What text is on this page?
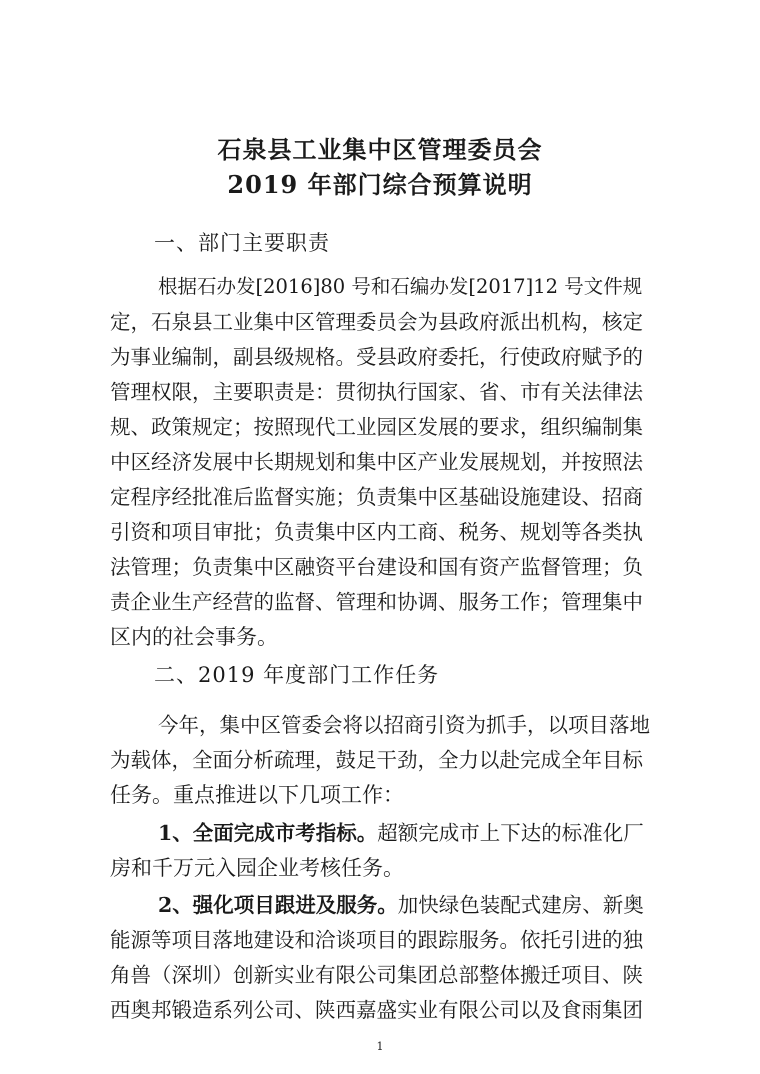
石泉县工业集中区管理委员会
2019 年部门综合预算说明
一、部门主要职责
根据石办发[2016]80 号和石编办发[2017]12 号文件规
定，石泉县工业集中区管理委员会为县政府派出机构，核定
为事业编制，副县级规格。受县政府委托，行使政府赋予的
管理权限，主要职责是：贯彻执行国家、省、市有关法律法
规、政策规定；按照现代工业园区发展的要求，组织编制集
中区经济发展中长期规划和集中区产业发展规划，并按照法
定程序经批准后监督实施；负责集中区基础设施建设、招商
引资和项目审批；负责集中区内工商、税务、规划等各类执
法管理；负责集中区融资平台建设和国有资产监督管理；负
责企业生产经营的监督、管理和协调、服务工作；管理集中
区内的社会事务。
二、2019 年度部门工作任务
今年，集中区管委会将以招商引资为抓手，以项目落地
为载体，全面分析疏理，鼓足干劲，全力以赴完成全年目标
任务。重点推进以下几项工作：
1、全面完成市考指标。超额完成市上下达的标准化厂
房和千万元入园企业考核任务。
2、强化项目跟进及服务。加快绿色装配式建房、新奥
能源等项目落地建设和洽谈项目的跟踪服务。依托引进的独
角兽（深圳）创新实业有限公司集团总部整体搬迁项目、陕
西奥邦锻造系列公司、陕西嘉盛实业有限公司以及食雨集团
1
